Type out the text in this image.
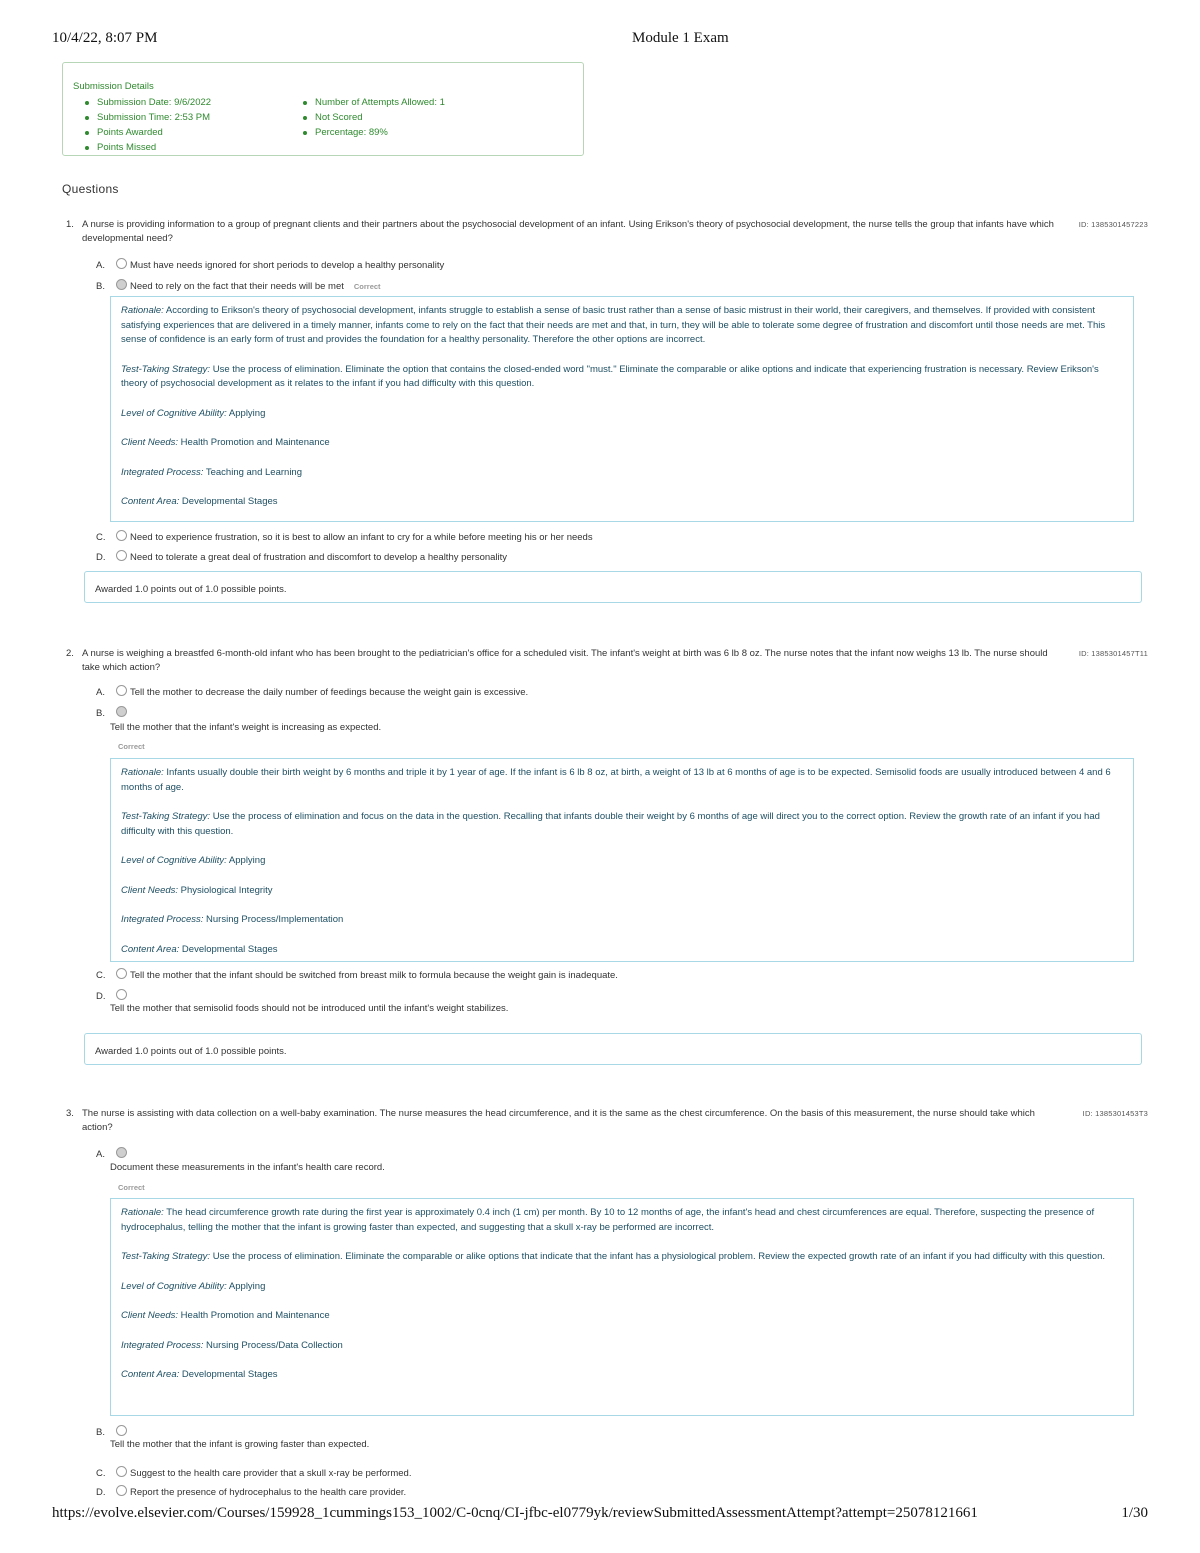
10/4/22, 8:07 PM	Module 1 Exam
Submission Details
Submission Date: 9/6/2022
Submission Time: 2:53 PM
Points Awarded
Points Missed
Number of Attempts Allowed: 1
Not Scored
Percentage: 89%
Questions
1. A nurse is providing information to a group of pregnant clients and their partners about the psychosocial development of an infant. Using Erikson's theory of psychosocial development, the nurse tells the group that infants have which developmental need?
ID: 1385301457223
A.	Must have needs ignored for short periods to develop a healthy personality
B.	Need to rely on the fact that their needs will be met Correct

Rationale: According to Erikson's theory of psychosocial development, infants struggle to establish a sense of basic trust rather than a sense of basic mistrust in their world, their caregivers, and themselves. If provided with consistent satisfying experiences that are delivered in a timely manner, infants come to rely on the fact that their needs are met and that, in turn, they will be able to tolerate some degree of frustration and discomfort until those needs are met. This sense of confidence is an early form of trust and provides the foundation for a healthy personality. Therefore the other options are incorrect.

Test-Taking Strategy: Use the process of elimination. Eliminate the option that contains the closed-ended word "must." Eliminate the comparable or alike options and indicate that experiencing frustration is necessary. Review Erikson's theory of psychosocial development as it relates to the infant if you had difficulty with this question.

Level of Cognitive Ability: Applying

Client Needs: Health Promotion and Maintenance

Integrated Process: Teaching and Learning

Content Area: Developmental Stages

C.	Need to experience frustration, so it is best to allow an infant to cry for a while before meeting his or her needs
D.	Need to tolerate a great deal of frustration and discomfort to develop a healthy personality
Awarded 1.0 points out of 1.0 possible points.
2. A nurse is weighing a breastfed 6-month-old infant who has been brought to the pediatrician's office for a scheduled visit. The infant's weight at birth was 6 lb 8 oz. The nurse notes that the infant now weighs 13 lb. The nurse should take which action?
ID: 1385301457T11
A.	Tell the mother to decrease the daily number of feedings because the weight gain is excessive.
B.
Tell the mother that the infant's weight is increasing as expected.
Correct

Rationale: Infants usually double their birth weight by 6 months and triple it by 1 year of age. If the infant is 6 lb 8 oz, at birth, a weight of 13 lb at 6 months of age is to be expected. Semisolid foods are usually introduced between 4 and 6 months of age.

Test-Taking Strategy: Use the process of elimination and focus on the data in the question. Recalling that infants double their weight by 6 months of age will direct you to the correct option. Review the growth rate of an infant if you had difficulty with this question.

Level of Cognitive Ability: Applying

Client Needs: Physiological Integrity

Integrated Process: Nursing Process/Implementation

Content Area: Developmental Stages

C.	Tell the mother that the infant should be switched from breast milk to formula because the weight gain is inadequate.
D.
Tell the mother that semisolid foods should not be introduced until the infant's weight stabilizes.
Awarded 1.0 points out of 1.0 possible points.
3. The nurse is assisting with data collection on a well-baby examination. The nurse measures the head circumference, and it is the same as the chest circumference. On the basis of this measurement, the nurse should take which action?
ID: 1385301453T3
A.
Document these measurements in the infant's health care record.
Correct

Rationale: The head circumference growth rate during the first year is approximately 0.4 inch (1 cm) per month. By 10 to 12 months of age, the infant's head and chest circumferences are equal. Therefore, suspecting the presence of hydrocephalus, telling the mother that the infant is growing faster than expected, and suggesting that a skull x-ray be performed are incorrect.

Test-Taking Strategy: Use the process of elimination. Eliminate the comparable or alike options that indicate that the infant has a physiological problem. Review the expected growth rate of an infant if you had difficulty with this question.

Level of Cognitive Ability: Applying

Client Needs: Health Promotion and Maintenance

Integrated Process: Nursing Process/Data Collection

Content Area: Developmental Stages

B.
Tell the mother that the infant is growing faster than expected.
C.	Suggest to the health care provider that a skull x-ray be performed.
D.	Report the presence of hydrocephalus to the health care provider.
https://evolve.elsevier.com/Courses/159928_1cummings153_1002/C-0cnq/CI-jfbc-el0779yk/reviewSubmittedAssessmentAttempt?attempt=25078121661	1/30
